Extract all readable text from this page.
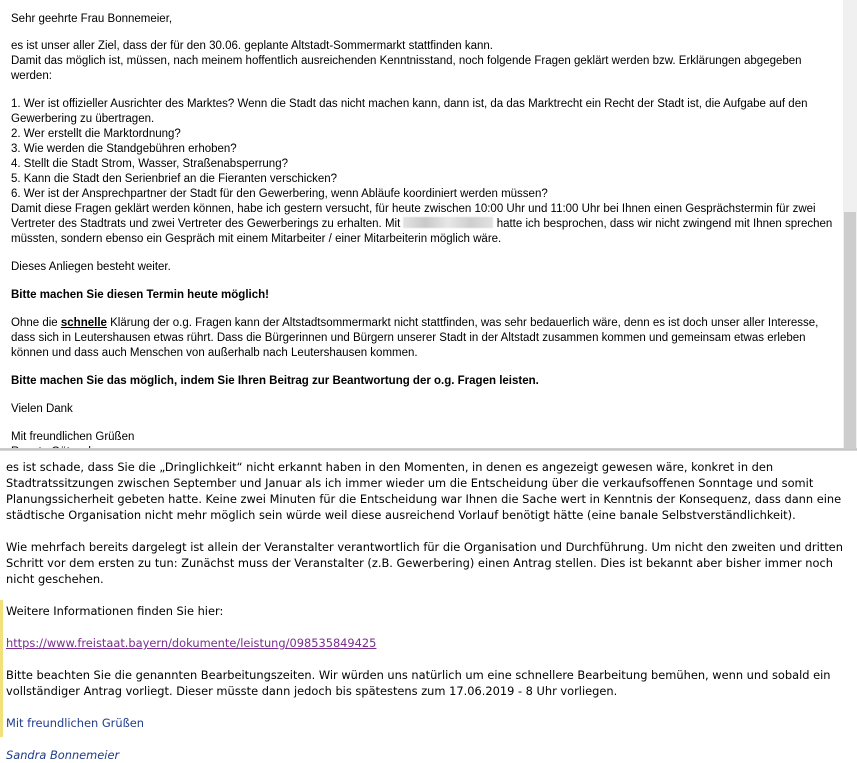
Sehr geehrte Frau Bonnemeier,

es ist unser aller Ziel, dass der für den 30.06. geplante Altstadt-Sommermarkt stattfinden kann.

Damit das möglich ist, müssen, nach meinem hoffentlich ausreichenden Kenntnisstand, noch folgende Fragen geklärt werden bzw. Erklärungen abgegeben werden:

1. Wer ist offizieller Ausrichter des Marktes? Wenn die Stadt das nicht machen kann, dann ist, da das Marktrecht ein Recht der Stadt ist, die Aufgabe auf den Gewerbering zu übertragen.

2. Wer erstellt die Marktordnung?

3. Wie werden die Standgebühren erhoben?

4. Stellt die Stadt Strom, Wasser, Straßenabsperrung?

5. Kann die Stadt den Serienbrief an die Fieranten verschicken?

6. Wer ist der Ansprechpartner der Stadt für den Gewerbering, wenn Abläufe koordiniert werden müssen?

Damit diese Fragen geklärt werden können, habe ich gestern versucht, für heute zwischen 10:00 Uhr und 11:00 Uhr bei Ihnen einen Gesprächstermin für zwei Vertreter des Stadtrats und zwei Vertreter des Gewerberings zu erhalten. Mit	hatte ich besprochen, dass wir nicht zwingend mit Ihnen sprechen müssten, sondern ebenso ein Gespräch mit einem Mitarbeiter / einer Mitarbeiterin möglich wäre.

Dieses Anliegen besteht weiter.

Bitte machen Sie diesen Termin heute möglich!

Ohne die schnelle Klärung der o.g. Fragen kann der Altstadtsommermarkt nicht stattfinden, was sehr bedauerlich wäre, denn es ist doch unser aller Interesse, dass sich in Leutershausen etwas rührt. Dass die Bürgerinnen und Bürgern unserer Stadt in der Altstadt zusammen kommen und gemeinsam etwas erleben können und dass auch Menschen von außerhalb nach Leutershausen kommen.

Bitte machen Sie das möglich, indem Sie Ihren Beitrag zur Beantwortung der o.g. Fragen leisten.

Vielen Dank

Mit freundlichen Grüßen

es ist schade, dass Sie die „Dringlichkeit“ nicht erkannt haben in den Momenten, in denen es angezeigt gewesen wäre, konkret in den Stadtratssitzungen zwischen September und Januar als ich immer wieder um die Entscheidung über die verkaufsoffenen Sonntage und somit Planungssicherheit gebeten hatte. Keine zwei Minuten für die Entscheidung war Ihnen die Sache wert in Kenntnis der Konsequenz, dass dann eine städtische Organisation nicht mehr möglich sein würde weil diese ausreichend Vorlauf benötigt hätte (eine banale Selbstverständlichkeit).

Wie mehrfach bereits dargelegt ist allein der Veranstalter verantwortlich für die Organisation und Durchführung. Um nicht den zweiten und dritten Schritt vor dem ersten zu tun: Zunächst muss der Veranstalter (z.B. Gewerbering) einen Antrag stellen. Dies ist bekannt aber bisher immer noch nicht geschehen.

Weitere Informationen finden Sie hier:

https://www.freistaat.bayern/dokumente/leistung/098535849425

Bitte beachten Sie die genannten Bearbeitungszeiten. Wir würden uns natürlich um eine schnellere Bearbeitung bemühen, wenn und sobald ein vollständiger Antrag vorliegt. Dieser müsste dann jedoch bis spätestens zum 17.06.2019 - 8 Uhr vorliegen.

Mit freundlichen Grüßen

Sandra Bonnemeier
